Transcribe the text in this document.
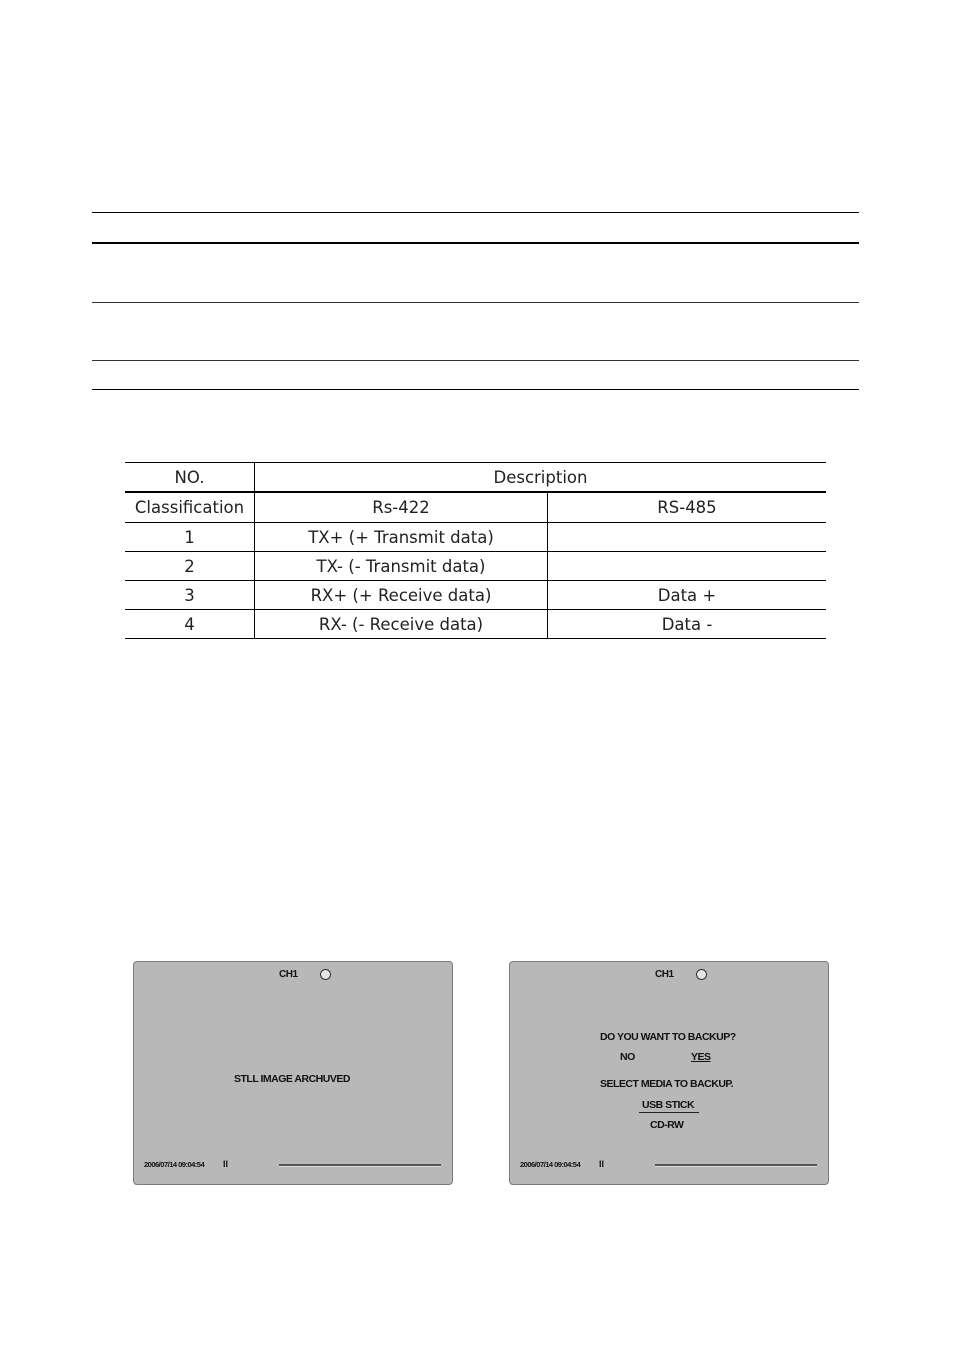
NO.	Description	
Classification	Rs-422	RS-485
1	TX+ (+ Transmit data)	
2	TX- (- Transmit data)	
3	RX+ (+ Receive data)	Data +
4	RX- (- Receive data)	Data -
CH1
STLL IMAGE ARCHUVED
2006/07/14 09:04:54 II
CH1
DO YOU WANT TO BACKUP?
NO	YES
SELECT MEDIA TO BACKUP.
USB STICK
CD-RW
2006/07/14 09:04:54 II
